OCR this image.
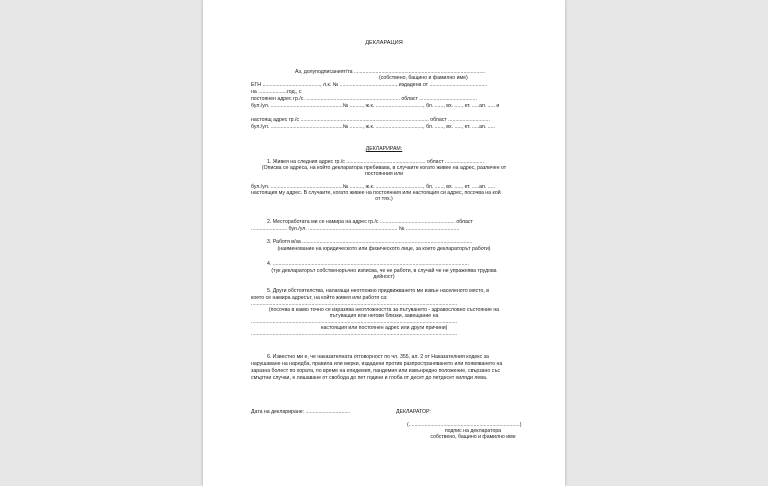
ДЕКЛАРАЦИЯ
Аз, долуподписаният/та ...........................................................................................
(собствено, бащино и фамилно име)
ЕГН ........................................, л.к. № ......................................., издадена от ........................................
на ....................год., с
постоянен адрес гр./с. ................................................................. област ........................................
бул./ул. ..................................................№ ........., ж.к. ................................., бл. ......, вх. ....., ет. .....ап. ..... и
настоящ адрес гр./с ......................................................................................... област .............................
бул./ул. ..................................................№ ........., ж.к. ................................., бл. ......, вх. ....., ет. .....ап. .....
ДЕКЛАРИРАМ:
1. Живея на следния адрес гр./с ....................................................... област ...........................
(Описва се адреса, на който декларатора пребивава, в случаите когато живее на адрес, различен от
постоянния или
бул./ул. ..................................................№ ........., ж.к. ................................., бл. ......, вх. ....., ет. .....ап. .....
настоящия му адрес. В случаите, когато живее на постоянния или настоящия си адрес, посочва на кой
от тях.)
2. Месторaботата ми се намира на адрес гр./с .................................................... област
......................... бул./ул. .............................................................. № .....................................
3. Работя в/за ......................................................................................................................
(наименование на юридическото или физическото лице, за което деклараторът работи)
4. ........................................................................................................................................
(тук деклараторът собственоръчно изписва, че не работи, в случай че не упражнява трудова
дейност)
5. Други обстоятелства, налагащи неотложно придвижването ми извън населеното място, в
което се намира адресът, на който живея или работя са:
...............................................................................................................................................
(посочва в какво точно се изразява неотложността за пътуването - здравословно състояние на
пътуващия или негови близки, завещание на
...............................................................................................................................................
настоящия или постоянен адрес или други причини)
...............................................................................................................................................
6. Известно ми е, че наказателната отговорност по чл. 355, ал. 2 от Наказателния кодекс за
нарушаване на наредба, правила или мерки, издадени против разпространяването или появяването на
заразна болест по хората, по време на епидемия, пандемия или извънредно положение, свързано със
смъртни случаи, е лишаване от свобода до пет години и глоба от десет до петдесет хиляди лева.
Дата на деклариране: ...............................	ДЕКЛАРАТОР:
(.............................................................................)
подпис на декларатора
собствено, бащино и фамилно име
